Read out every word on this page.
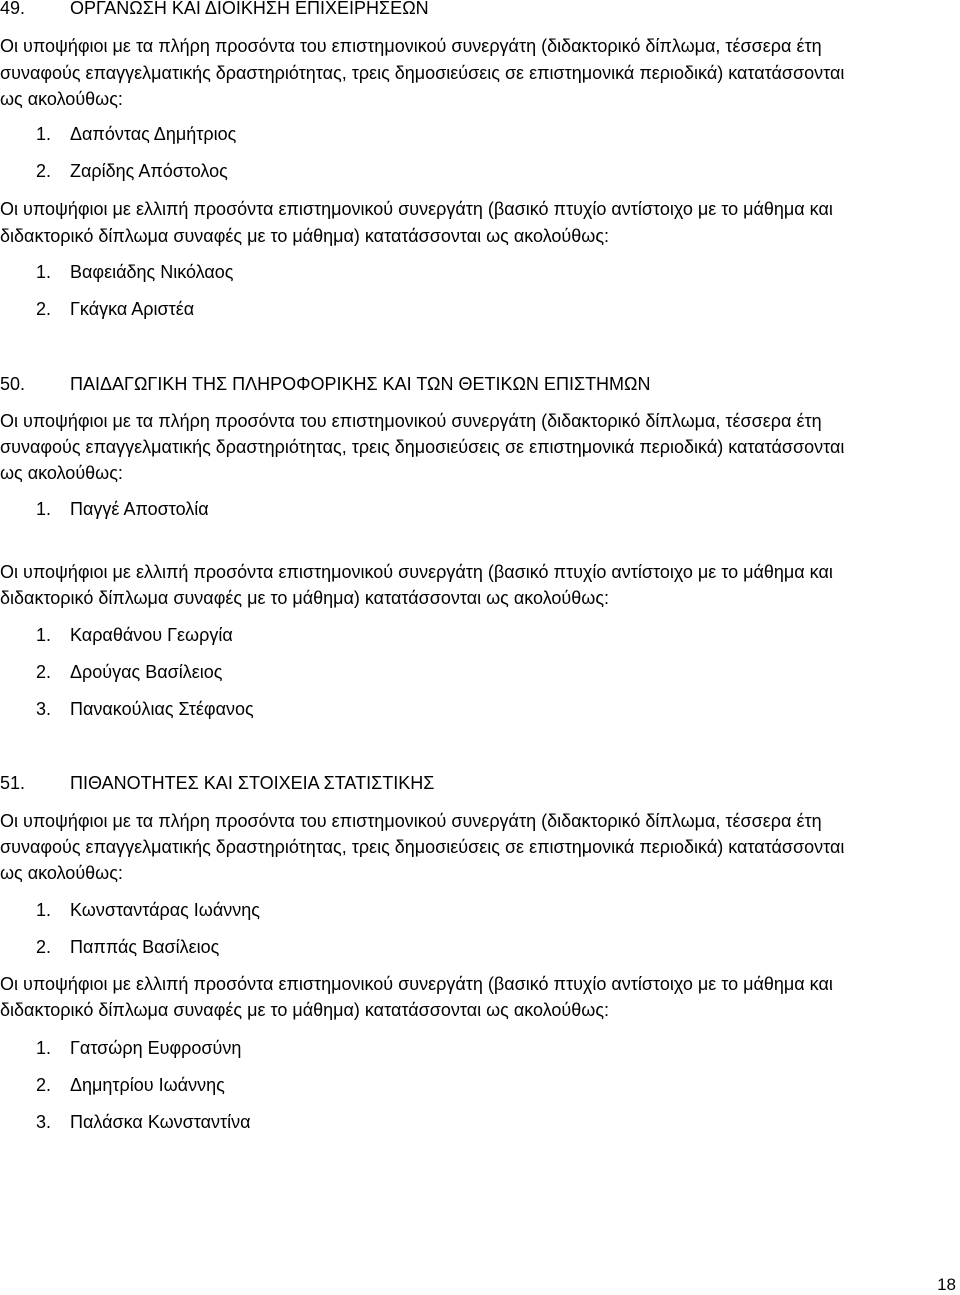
49. ΟΡΓΑΝΩΣΗ ΚΑΙ ΔΙΟΙΚΗΣΗ ΕΠΙΧΕΙΡΗΣΕΩΝ
Οι υποψήφιοι με τα πλήρη προσόντα του επιστημονικού συνεργάτη (διδακτορικό δίπλωμα, τέσσερα έτη
συναφούς επαγγελματικής δραστηριότητας, τρεις δημοσιεύσεις σε επιστημονικά περιοδικά) κατατάσσονται
ως ακολούθως:
1. Δαπόντας Δημήτριος
2. Ζαρίδης Απόστολος
Οι υποψήφιοι με ελλιπή προσόντα επιστημονικού συνεργάτη (βασικό πτυχίο αντίστοιχο με το μάθημα και
διδακτορικό δίπλωμα συναφές με το μάθημα) κατατάσσονται ως ακολούθως:
1. Βαφειάδης Νικόλαος
2. Γκάγκα Αριστέα
50. ΠΑΙΔΑΓΩΓΙΚΗ ΤΗΣ ΠΛΗΡΟΦΟΡΙΚΗΣ ΚΑΙ ΤΩΝ ΘΕΤΙΚΩΝ ΕΠΙΣΤΗΜΩΝ
Οι υποψήφιοι με τα πλήρη προσόντα του επιστημονικού συνεργάτη (διδακτορικό δίπλωμα, τέσσερα έτη
συναφούς επαγγελματικής δραστηριότητας, τρεις δημοσιεύσεις σε επιστημονικά περιοδικά) κατατάσσονται
ως ακολούθως:
1. Παγγέ Αποστολία
Οι υποψήφιοι με ελλιπή προσόντα επιστημονικού συνεργάτη (βασικό πτυχίο αντίστοιχο με το μάθημα και
διδακτορικό δίπλωμα συναφές με το μάθημα) κατατάσσονται ως ακολούθως:
1. Καραθάνου Γεωργία
2. Δρούγας Βασίλειος
3. Πανακούλιας Στέφανος
51. ΠΙΘΑΝΟΤΗΤΕΣ ΚΑΙ ΣΤΟΙΧΕΙΑ ΣΤΑΤΙΣΤΙΚΗΣ
Οι υποψήφιοι με τα πλήρη προσόντα του επιστημονικού συνεργάτη (διδακτορικό δίπλωμα, τέσσερα έτη
συναφούς επαγγελματικής δραστηριότητας, τρεις δημοσιεύσεις σε επιστημονικά περιοδικά) κατατάσσονται
ως ακολούθως:
1. Κωνσταντάρας Ιωάννης
2. Παππάς Βασίλειος
Οι υποψήφιοι με ελλιπή προσόντα επιστημονικού συνεργάτη (βασικό πτυχίο αντίστοιχο με το μάθημα και
διδακτορικό δίπλωμα συναφές με το μάθημα) κατατάσσονται ως ακολούθως:
1. Γατσώρη Ευφροσύνη
2. Δημητρίου Ιωάννης
3. Παλάσκα Κωνσταντίνα
18
